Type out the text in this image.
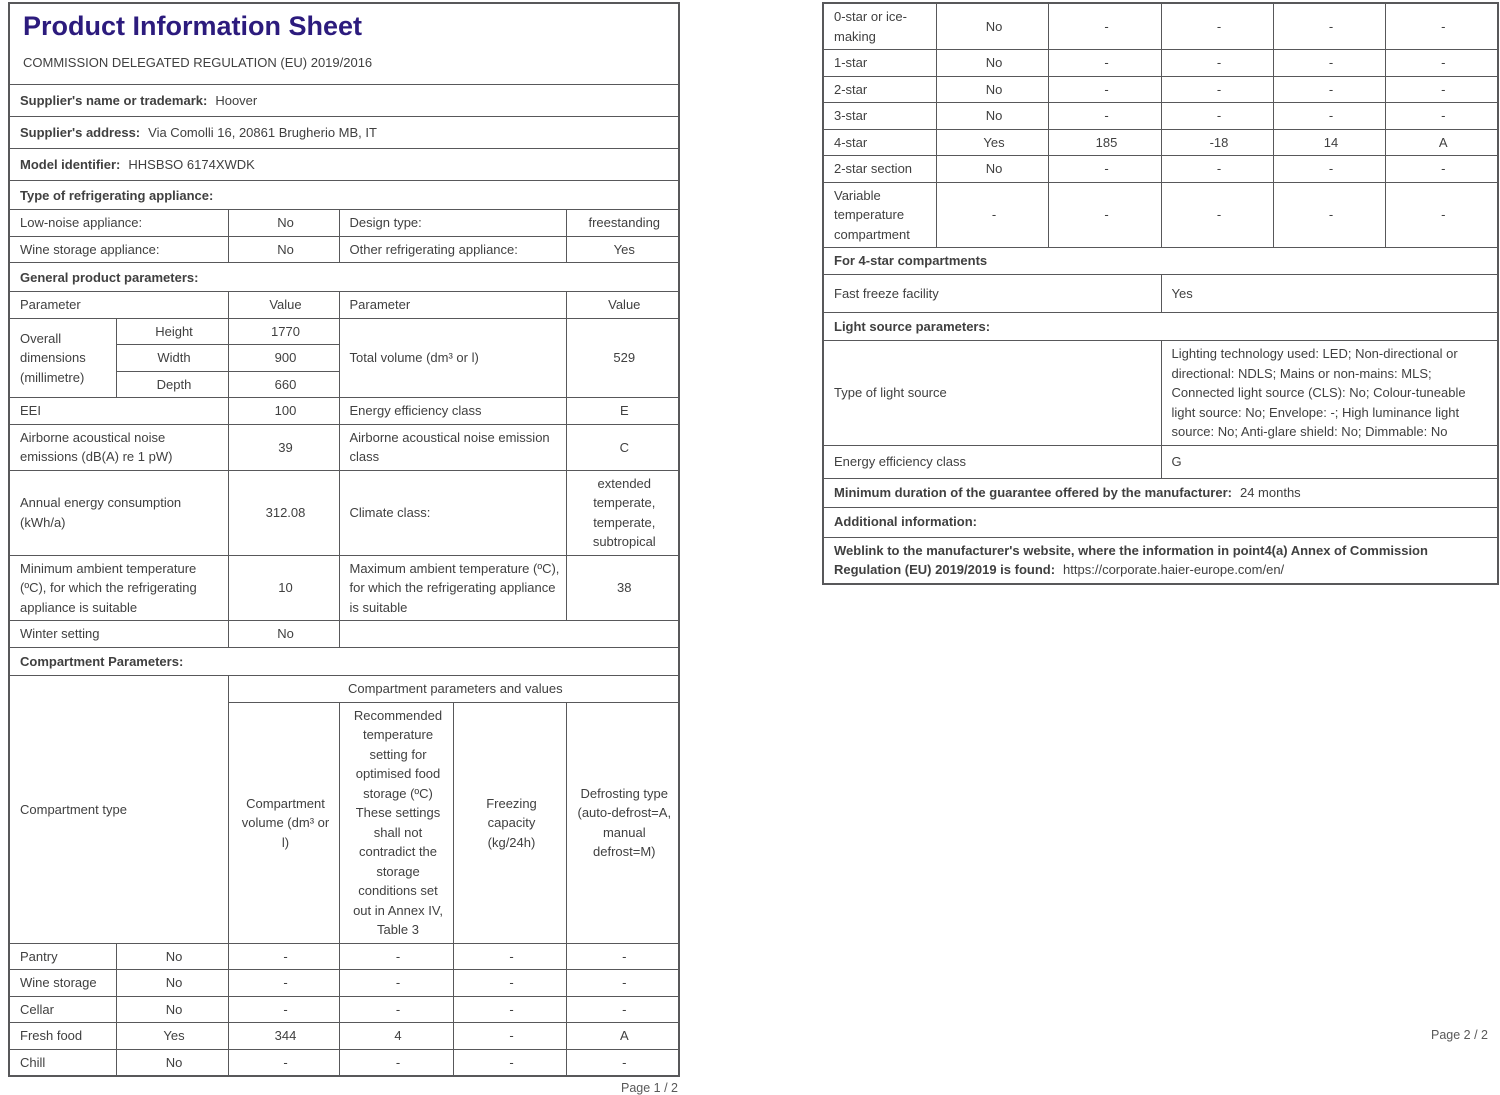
Product Information Sheet
COMMISSION DELEGATED REGULATION (EU) 2019/2016					

Supplier's name or trademark: Hoover					
Supplier's address: Via Comolli 16, 20861 Brugherio MB, IT					
Model identifier: HHSBSO 6174XWDK					
Type of refrigerating appliance:					
Low-noise appliance:		No	Design type:		freestanding
Wine storage appliance:		No	Other refrigerating appliance:		Yes
General product parameters:					
Parameter		Value	Parameter		Value
Overall dimensions (millimetre)	Height	1770	Total volume (dm³ or l)		529
	Width	900			
	Depth	660			
EEI		100	Energy efficiency class		E
Airborne acoustical noise emissions (dB(A) re 1 pW)		39	Airborne acoustical noise emission class		C
Annual energy consumption (kWh/a)		312.08	Climate class:		extended temperate, temperate, subtropical
Minimum ambient temperature (ºC), for which the refrigerating appliance is suitable		10	Maximum ambient temperature (ºC), for which the refrigerating appliance is suitable		38
Winter setting		No			
Compartment Parameters:					
Compartment type		Compartment parameters and values			
		Compartment volume (dm³ or l)	Recommended temperature setting for optimised food storage (ºC) These settings shall not contradict the storage conditions set out in Annex IV, Table 3	Freezing capacity (kg/24h)	Defrosting type (auto-defrost=A, manual defrost=M)
Pantry	No	-	-	-	-
Wine storage	No	-	-	-	-
Cellar	No	-	-	-	-
Fresh food	Yes	344	4	-	A
Chill	No	-	-	-	-
Page 1 / 2
0-star or ice-making	No	-	-	-	-
1-star	No	-	-	-	-
2-star	No	-	-	-	-
3-star	No	-	-	-	-
4-star	Yes	185	-18	14	A
2-star section	No	-	-	-	-
Variable temperature compartment	-	-	-	-	-
For 4-star compartments					
Fast freeze facility			Yes		
Light source parameters:					
Type of light source			Lighting technology used: LED; Non-directional or directional: NDLS; Mains or non-mains: MLS; Connected light source (CLS): No; Colour-tuneable light source: No; Envelope: -; High luminance light source: No; Anti-glare shield: No; Dimmable: No		
Energy efficiency class			G		
Minimum duration of the guarantee offered by the manufacturer: 24 months					
Additional information:					
Weblink to the manufacturer's website, where the information in point4(a) Annex of Commission Regulation (EU) 2019/2019 is found: https://corporate.haier-europe.com/en/					
Page 2 / 2
